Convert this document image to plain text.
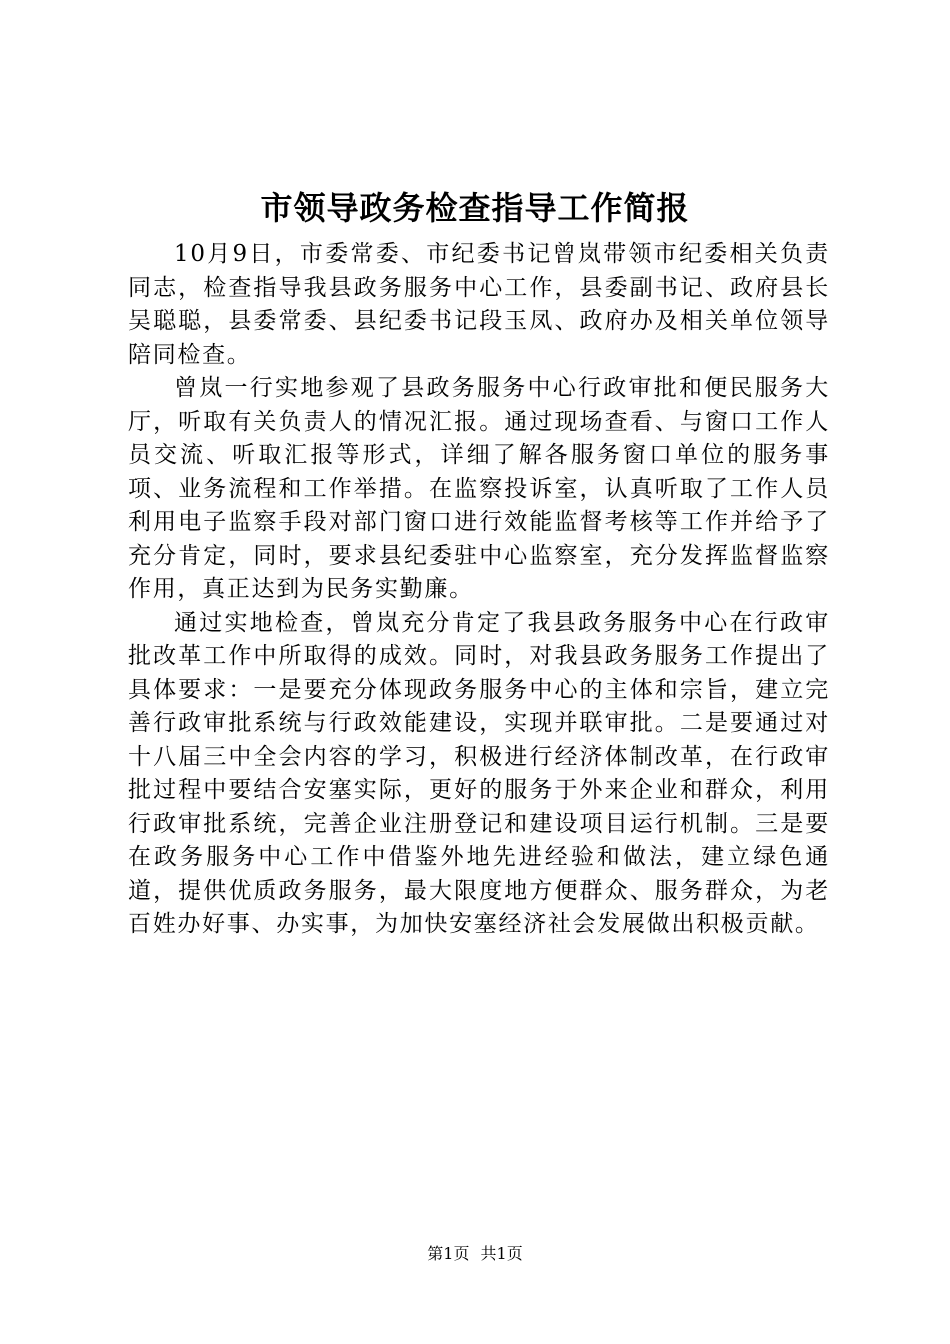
市领导政务检查指导工作简报

10月9日，市委常委、市纪委书记曾岚带领市纪委相关负责同志，检查指导我县政务服务中心工作，县委副书记、政府县长吴聪聪，县委常委、县纪委书记段玉凤、政府办及相关单位领导陪同检查。

曾岚一行实地参观了县政务服务中心行政审批和便民服务大厅，听取有关负责人的情况汇报。通过现场查看、与窗口工作人员交流、听取汇报等形式，详细了解各服务窗口单位的服务事项、业务流程和工作举措。在监察投诉室，认真听取了工作人员利用电子监察手段对部门窗口进行效能监督考核等工作并给予了充分肯定，同时，要求县纪委驻中心监察室，充分发挥监督监察作用，真正达到为民务实勤廉。

通过实地检查，曾岚充分肯定了我县政务服务中心在行政审批改革工作中所取得的成效。同时，对我县政务服务工作提出了具体要求：一是要充分体现政务服务中心的主体和宗旨，建立完善行政审批系统与行政效能建设，实现并联审批。二是要通过对十八届三中全会内容的学习，积极进行经济体制改革，在行政审批过程中要结合安塞实际，更好的服务于外来企业和群众，利用行政审批系统，完善企业注册登记和建设项目运行机制。三是要在政务服务中心工作中借鉴外地先进经验和做法，建立绿色通道，提供优质政务服务，最大限度地方便群众、服务群众，为老百姓办好事、办实事，为加快安塞经济社会发展做出积极贡献。

第1页 共1页
